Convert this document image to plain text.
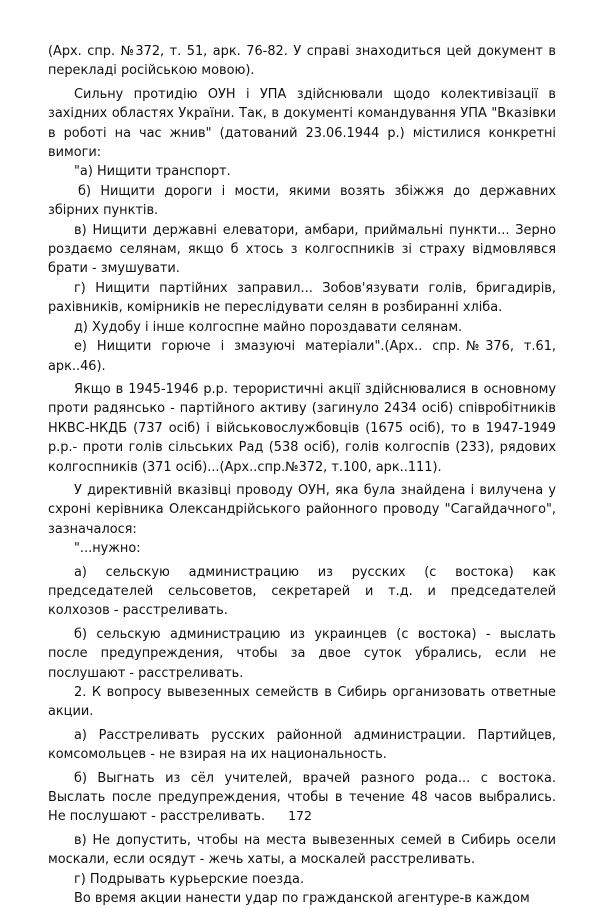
(Арх. спр. №372, т. 51, арк. 76-82. У справі знаходиться цей документ в перекладі російською мовою).

Сильну протидію ОУН і УПА здійснювали щодо колективізації в західних областях України. Так, в документі командування УПА "Вказівки в роботі на час жнив" (датований 23.06.1944 р.) містилися конкретні вимоги:

"а) Нищити транспорт.

б) Нищити дороги і мости, якими возять збіжжя до державних збірних пунктів.

в) Нищити державні елеватори, амбари, приймальні пункти... Зерно роздаємо селянам, якщо б хтось з колгоспників зі страху відмовлявся брати - змушувати.

г) Нищити партійних заправил... Зобов'язувати голів, бригадирів, рахівників, комірників не переслідувати селян в розбиранні хліба.

д) Худобу і інше колгоспне майно пороздавати селянам.

е) Нищити горюче і змазуючі матеріали".(Арх.. спр.№376, т.61, арк..46).

Якщо в 1945-1946 р.р. терористичні акції здійснювалися в основному проти радянсько - партійного активу (загинуло 2434 осіб) співробітників НКВС-НКДБ (737 осіб) і військовослужбовців (1675 осіб), то в 1947-1949 р.р.- проти голів сільських Рад (538 осіб), голів колгоспів (233), рядових колгоспників (371 осіб)...(Арх..спр.№372, т.100, арк..111).

У директивній вказівці проводу ОУН, яка була знайдена і вилучена у схроні керівника Олександрійського районного проводу "Сагайдачного", зазначалося:

"...нужно:

а) сельскую администрацию из русских (с востока) как председателей сельсоветов, секретарей и т.д. и председателей колхозов - расстреливать.

б) сельскую администрацию из украинцев (с востока) - выслать после предупреждения, чтобы за двое суток убрались, если не послушают - расстреливать.

2. К вопросу вывезенных семейств в Сибирь организовать ответные акции.

а) Расстреливать русских районной администрации. Партийцев, комсомольцев - не взирая на их национальность.

б) Выгнать из сёл учителей, врачей разного рода... с востока. Выслать после предупреждения, чтобы в течение 48 часов выбрались. Не послушают - расстреливать.

в) Не допустить, чтобы на места вывезенных семей в Сибирь осели москали, если осядут - жечь хаты, а москалей расстреливать.

г) Подрывать курьерские поезда.

Во время акции нанести удар по гражданской агентуре-в каждом

172
